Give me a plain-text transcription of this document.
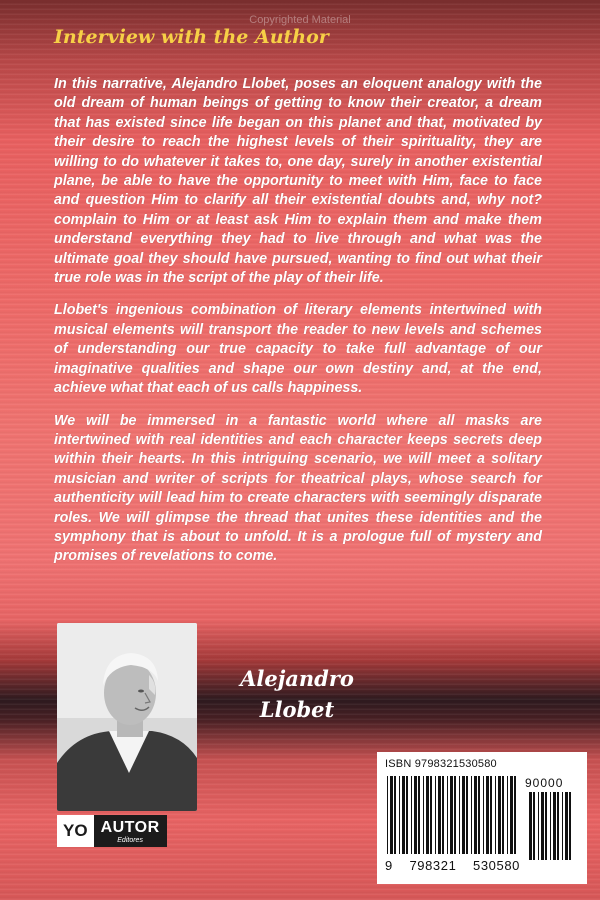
Copyrighted Material
Interview with the Author

In this narrative, Alejandro Llobet, poses an eloquent analogy with the old dream of human beings of getting to know their creator, a dream that has existed since life began on this planet and that, motivated by their desire to reach the highest levels of their spirituality, they are willing to do whatever it takes to, one day, surely in another existential plane, be able to have the opportunity to meet with Him, face to face and question Him to clarify all their existential doubts and, why not? complain to Him or at least ask Him to explain them and make them understand everything they had to live through and what was the ultimate goal they should have pursued, wanting to find out what their true role was in the script of the play of their life.

Llobet's ingenious combination of literary elements intertwined with musical elements will transport the reader to new levels and schemes of understanding our true capacity to take full advantage of our imaginative qualities and shape our own destiny and, at the end, achieve what that each of us calls happiness.

We will be immersed in a fantastic world where all masks are intertwined with real identities and each character keeps secrets deep within their hearts. In this intriguing scenario, we will meet a solitary musician and writer of scripts for theatrical plays, whose search for authenticity will lead him to create characters with seemingly disparate roles. We will glimpse the thread that unites these identities and the symphony that is about to unfold. It is a prologue full of mystery and promises of revelations to come.

Alejandro
Llobet
YO AUTOR
Editores
ISBN 9798321530580
90000
9 798321 530580
